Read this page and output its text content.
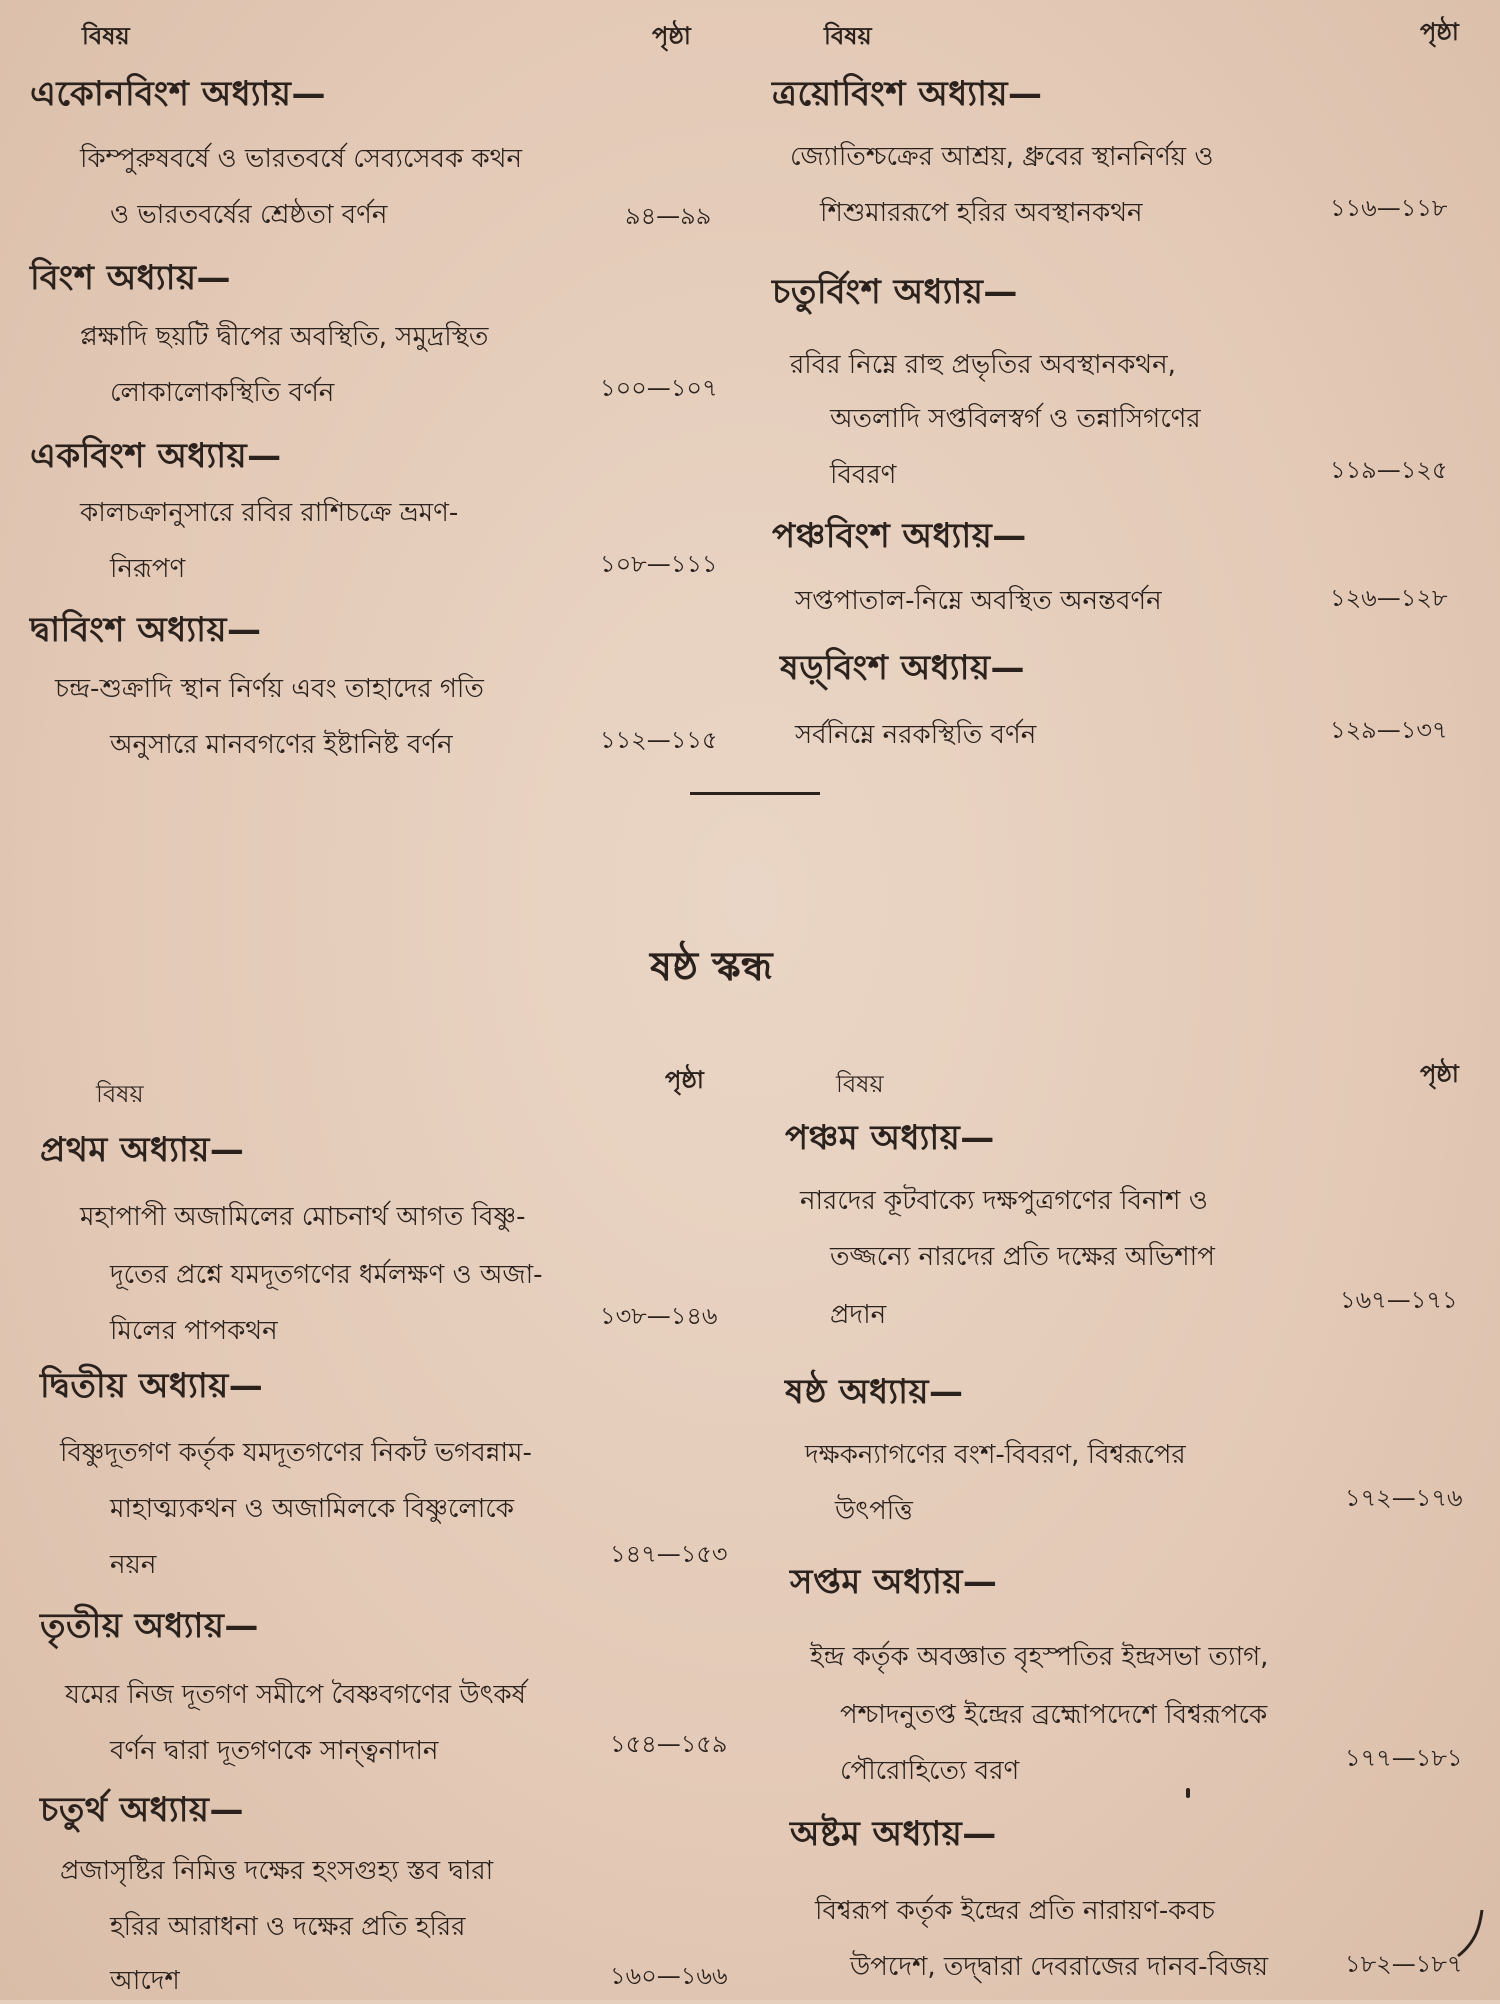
বিষয়	পৃষ্ঠা	বিষয়	পৃষ্ঠা
একোনবিংশ অধ্যায়—
কিম্পুরুষবর্ষে ও ভারতবর্ষে সেব্যসেবক কথন
ও ভারতবর্ষের শ্রেষ্ঠতা বর্ণন	৯৪—৯৯
বিংশ অধ্যায়—
প্লক্ষাদি ছয়টি দ্বীপের অবস্থিতি, সমুদ্রস্থিত
লোকালোকস্থিতি বর্ণন	১০০—১০৭
একবিংশ অধ্যায়—
কালচক্রানুসারে রবির রাশিচক্রে ভ্রমণ-
নিরূপণ	১০৮—১১১
দ্বাবিংশ অধ্যায়—
চন্দ্র-শুক্রাদি স্থান নির্ণয় এবং তাহাদের গতি
অনুসারে মানবগণের ইষ্টানিষ্ট বর্ণন	১১২—১১৫
ত্রয়োবিংশ অধ্যায়—
জ্যোতিশ্চক্রের আশ্রয়, ধ্রুবের স্থাননির্ণয় ও
শিশুমাররূপে হরির অবস্থানকথন	১১৬—১১৮
চতুর্বিংশ অধ্যায়—
রবির নিম্নে রাহু প্রভৃতির অবস্থানকথন,
অতলাদি সপ্তবিলস্বর্গ ও তন্নাসিগণের
বিবরণ	১১৯—১২৫
পঞ্চবিংশ অধ্যায়—
সপ্তপাতাল-নিম্নে অবস্থিত অনন্তবর্ণন	১২৬—১২৮
ষড়্‌বিংশ অধ্যায়—
সর্বনিম্নে নরকস্থিতি বর্ণন	১২৯—১৩৭
ষষ্ঠ স্কন্ধ
বিষয়	পৃষ্ঠা	বিষয়	পৃষ্ঠা
প্রথম অধ্যায়—
মহাপাপী অজামিলের মোচনার্থ আগত বিষ্ণু-
দূতের প্রশ্নে যমদূতগণের ধর্মলক্ষণ ও অজা-
মিলের পাপকথন	১৩৮—১৪৬
দ্বিতীয় অধ্যায়—
বিষ্ণুদূতগণ কর্তৃক যমদূতগণের নিকট ভগবন্নাম-
মাহাত্ম্যকথন ও অজামিলকে বিষ্ণুলোকে
নয়ন	১৪৭—১৫৩
তৃতীয় অধ্যায়—
যমের নিজ দূতগণ সমীপে বৈষ্ণবগণের উৎকর্ষ
বর্ণন দ্বারা দূতগণকে সান্ত্বনাদান	১৫৪—১৫৯
চতুর্থ অধ্যায়—
প্রজাসৃষ্টির নিমিত্ত দক্ষের হংসগুহ্য স্তব দ্বারা
হরির আরাধনা ও দক্ষের প্রতি হরির
আদেশ	১৬০—১৬৬
পঞ্চম অধ্যায়—
নারদের কূটবাক্যে দক্ষপুত্রগণের বিনাশ ও
তজ্জন্যে নারদের প্রতি দক্ষের অভিশাপ
প্রদান	১৬৭—১৭১
ষষ্ঠ অধ্যায়—
দক্ষকন্যাগণের বংশ-বিবরণ, বিশ্বরূপের
উৎপত্তি	১৭২—১৭৬
সপ্তম অধ্যায়—
ইন্দ্র কর্তৃক অবজ্ঞাত বৃহস্পতির ইন্দ্রসভা ত্যাগ,
পশ্চাদনুতপ্ত ইন্দ্রের ব্রহ্মোপদেশে বিশ্বরূপকে
পৌরোহিত্যে বরণ	১৭৭—১৮১
অষ্টম অধ্যায়—
বিশ্বরূপ কর্তৃক ইন্দ্রের প্রতি নারায়ণ-কবচ
উপদেশ, তদ্দ্বারা দেবরাজের দানব-বিজয়	১৮২—১৮৭
